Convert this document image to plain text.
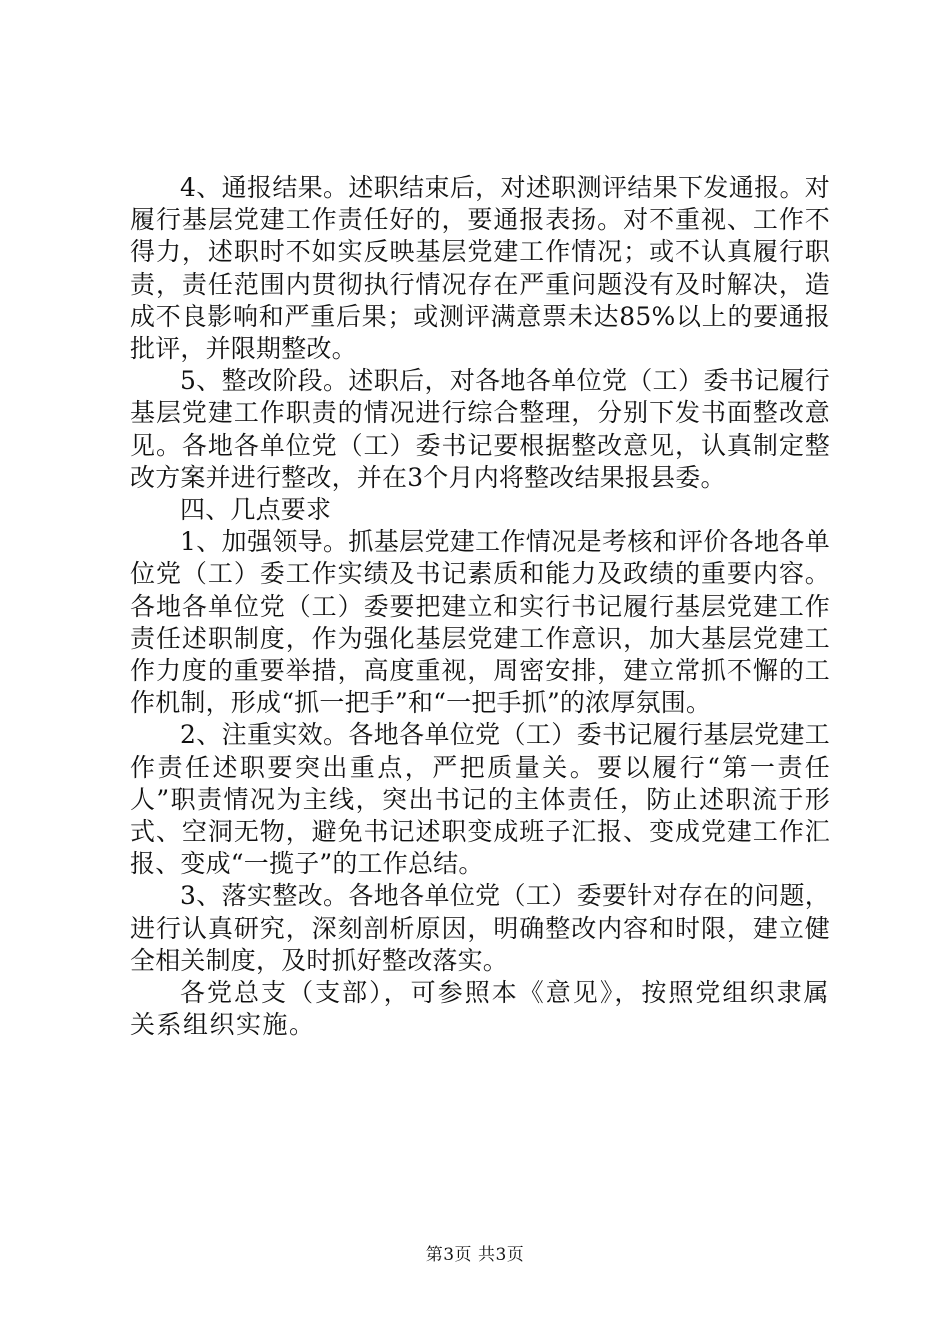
4、通报结果。述职结束后，对述职测评结果下发通报。对履行基层党建工作责任好的，要通报表扬。对不重视、工作不得力，述职时不如实反映基层党建工作情况；或不认真履行职责，责任范围内贯彻执行情况存在严重问题没有及时解决，造成不良影响和严重后果；或测评满意票未达85%以上的要通报批评，并限期整改。

5、整改阶段。述职后，对各地各单位党（工）委书记履行基层党建工作职责的情况进行综合整理，分别下发书面整改意见。各地各单位党（工）委书记要根据整改意见，认真制定整改方案并进行整改，并在3个月内将整改结果报县委。

四、几点要求

1、加强领导。抓基层党建工作情况是考核和评价各地各单位党（工）委工作实绩及书记素质和能力及政绩的重要内容。各地各单位党（工）委要把建立和实行书记履行基层党建工作责任述职制度，作为强化基层党建工作意识，加大基层党建工作力度的重要举措，高度重视，周密安排，建立常抓不懈的工作机制，形成“抓一把手”和“一把手抓”的浓厚氛围。

2、注重实效。各地各单位党（工）委书记履行基层党建工作责任述职要突出重点，严把质量关。要以履行“第一责任人”职责情况为主线，突出书记的主体责任，防止述职流于形式、空洞无物，避免书记述职变成班子汇报、变成党建工作汇报、变成“一揽子”的工作总结。

3、落实整改。各地各单位党（工）委要针对存在的问题，进行认真研究，深刻剖析原因，明确整改内容和时限，建立健全相关制度，及时抓好整改落实。

各党总支（支部），可参照本《意见》，按照党组织隶属关系组织实施。

第3页 共3页
